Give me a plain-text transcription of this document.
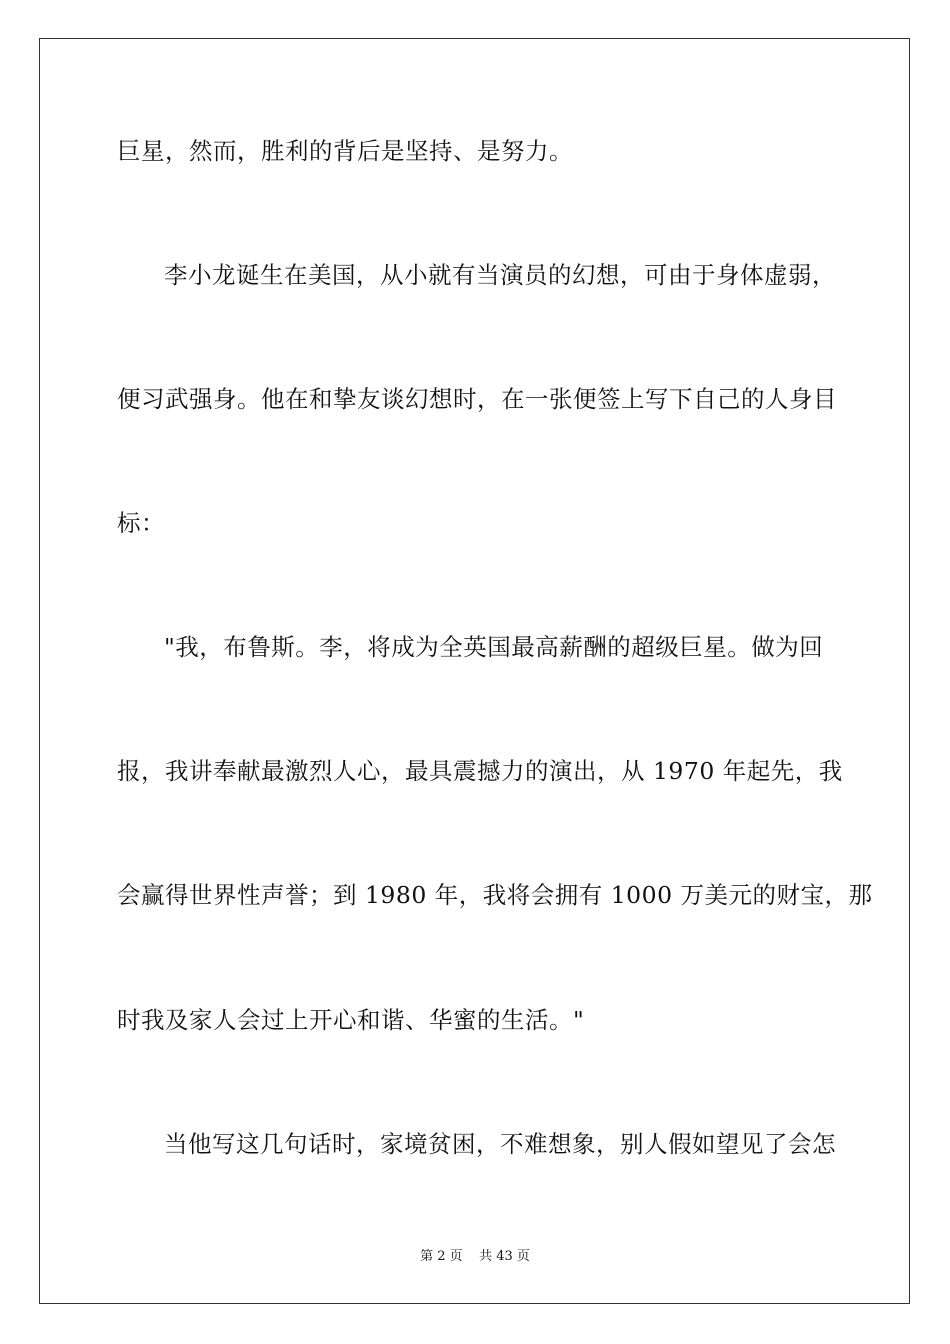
巨星，然而，胜利的背后是坚持、是努力。
李小龙诞生在美国，从小就有当演员的幻想，可由于身体虚弱，
便习武强身。他在和挚友谈幻想时，在一张便签上写下自己的人身目
标：
"我，布鲁斯。李，将成为全英国最高薪酬的超级巨星。做为回
报，我讲奉献最激烈人心，最具震撼力的演出，从 1970 年起先，我
会赢得世界性声誉；到 1980 年，我将会拥有 1000 万美元的财宝，那
时我及家人会过上开心和谐、华蜜的生活。"
当他写这几句话时，家境贫困，不难想象，别人假如望见了会怎
第 2 页    共 43 页
